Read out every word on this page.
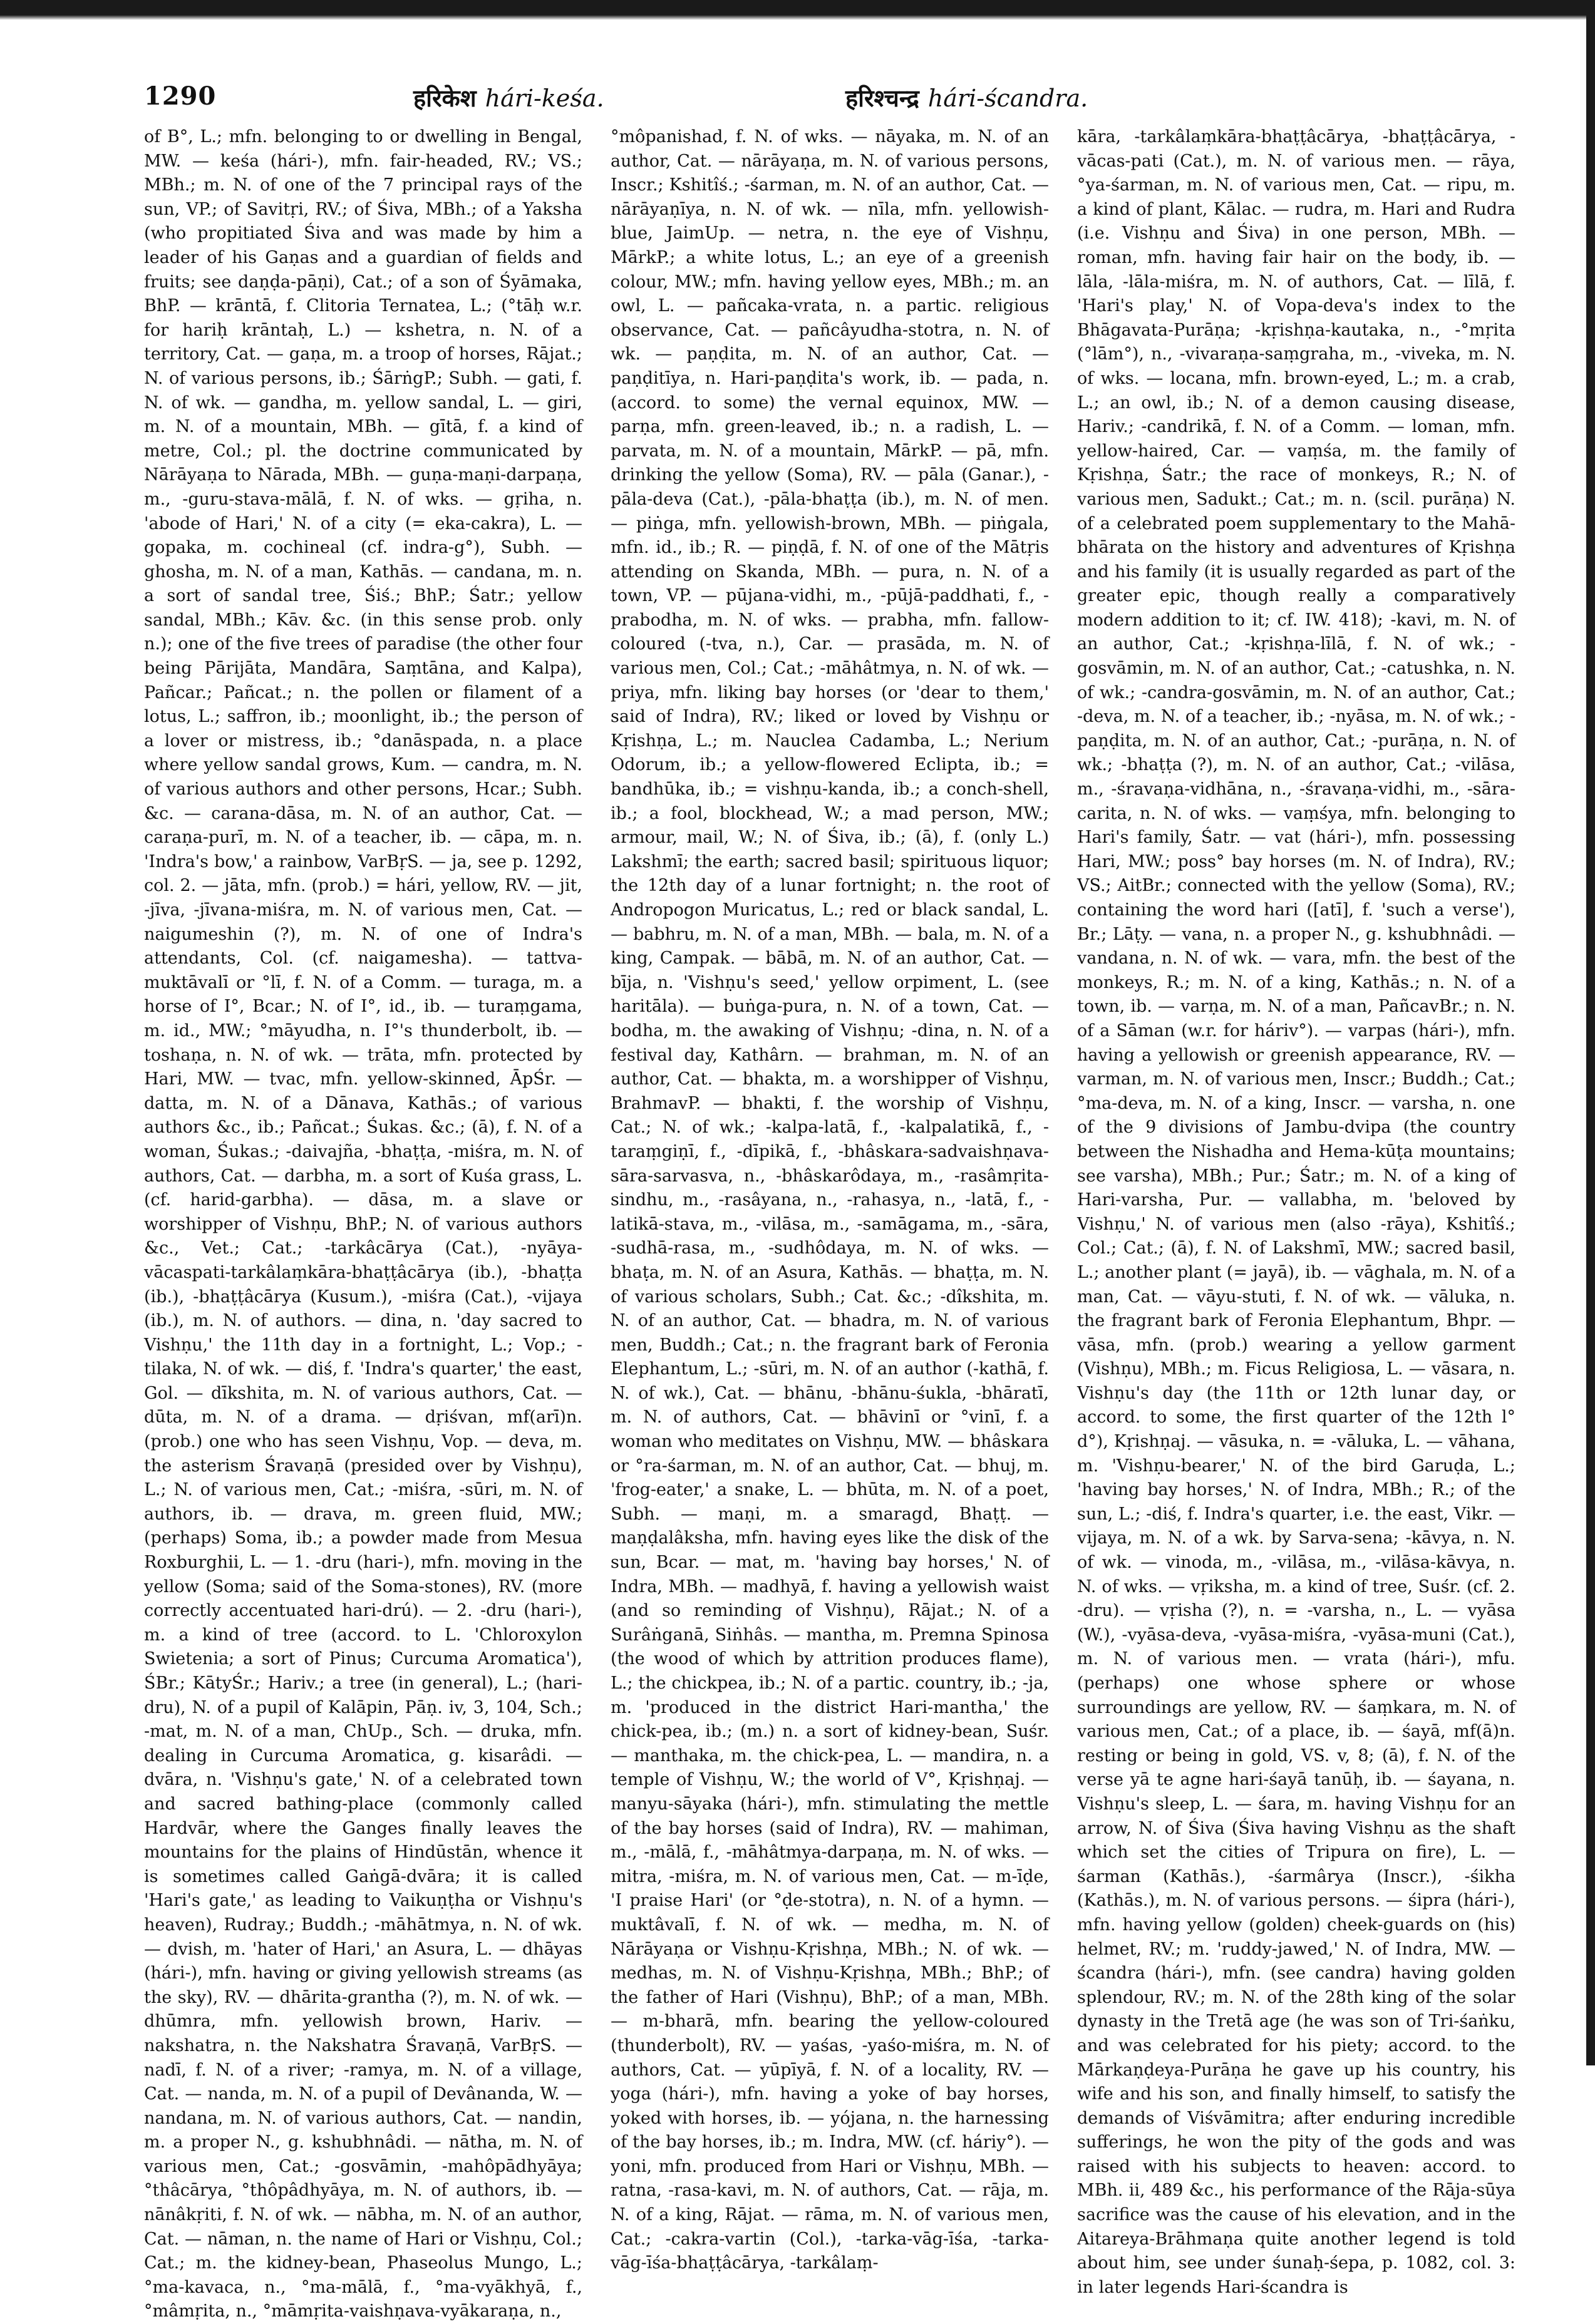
1290	हरिकेश hári-keśa.	हरिश्चन्द्र hári-ścandra.

of B°, L.; mfn. belonging to or dwelling in Bengal, MW. — keśa (hári-), mfn. fair-headed, RV.; VS.; MBh.; m. N. of one of the 7 principal rays of the sun, VP.; of Savitṛi, RV.; of Śiva, MBh.; of a Yaksha (who propitiated Śiva and was made by him a leader of his Gaṇas and a guardian of fields and fruits; see daṇḍa-pāṇi), Cat.; of a son of Śyāmaka, BhP. — krāntā, f. Clitoria Ternatea, L.; (°tāḥ w.r. for hariḥ krāntaḥ, L.) — kshetra, n. N. of a territory, Cat. — gaṇa, m. a troop of horses, Rājat.; N. of various persons, ib.; ŚārṅgP.; Subh. — gati, f. N. of wk. — gandha, m. yellow sandal, L. — giri, m. N. of a mountain, MBh. — gītā, f. a kind of metre, Col.; pl. the doctrine communicated by Nārāyaṇa to Nārada, MBh. — guṇa-maṇi-darpaṇa, m., -guru-stava-mālā, f. N. of wks. — gṛiha, n. 'abode of Hari,' N. of a city (= eka-cakra), L. — gopaka, m. cochineal (cf. indra-g°), Subh. — ghosha, m. N. of a man, Kathās. — candana, m. n. a sort of sandal tree, Śiś.; BhP.; Śatr.; yellow sandal, MBh.; Kāv. &c. (in this sense prob. only n.); one of the five trees of paradise (the other four being Pārijāta, Mandāra, Saṃtāna, and Kalpa), Pañcar.; Pañcat.; n. the pollen or filament of a lotus, L.; saffron, ib.; moonlight, ib.; the person of a lover or mistress, ib.; °danāspada, n. a place where yellow sandal grows, Kum. — candra, m. N. of various authors and other persons, Hcar.; Subh. &c. — carana-dāsa, m. N. of an author, Cat. — caraṇa-purī, m. N. of a teacher, ib. — cāpa, m. n. 'Indra's bow,' a rainbow, VarBṛS. — ja, see p. 1292, col. 2. — jāta, mfn. (prob.) = hári, yellow, RV. — jit, -jīva, -jīvana-miśra, m. N. of various men, Cat. — naigumeshin (?), m. N. of one of Indra's attendants, Col. (cf. naigamesha). — tattva-muktāvalī or °lī, f. N. of a Comm. — turaga, m. a horse of I°, Bcar.; N. of I°, id., ib. — turaṃgama, m. id., MW.; °māyudha, n. I°'s thunderbolt, ib. — toshaṇa, n. N. of wk. — trāta, mfn. protected by Hari, MW. — tvac, mfn. yellow-skinned, ĀpŚr. — datta, m. N. of a Dānava, Kathās.; of various authors &c., ib.; Pañcat.; Śukas. &c.; (ā), f. N. of a woman, Śukas.; -daivajña, -bhaṭṭa, -miśra, m. N. of authors, Cat. — darbha, m. a sort of Kuśa grass, L. (cf. harid-garbha). — dāsa, m. a slave or worshipper of Vishṇu, BhP.; N. of various authors &c., Vet.; Cat.; -tarkâcārya (Cat.), -nyāya-vācaspati-tarkâlaṃkāra-bhaṭṭâcārya (ib.), -bhaṭṭa (ib.), -bhaṭṭâcārya (Kusum.), -miśra (Cat.), -vijaya (ib.), m. N. of authors. — dina, n. 'day sacred to Vishṇu,' the 11th day in a fortnight, L.; Vop.; -tilaka, N. of wk. — diś, f. 'Indra's quarter,' the east, Gol. — dīkshita, m. N. of various authors, Cat. — dūta, m. N. of a drama. — dṛiśvan, mf(arī)n. (prob.) one who has seen Vishṇu, Vop. — deva, m. the asterism Śravaṇā (presided over by Vishṇu), L.; N. of various men, Cat.; -miśra, -sūri, m. N. of authors, ib. — drava, m. green fluid, MW.; (perhaps) Soma, ib.; a powder made from Mesua Roxburghii, L. — 1. -dru (hari-), mfn. moving in the yellow (Soma; said of the Soma-stones), RV. (more correctly accentuated hari-drú). — 2. -dru (hari-), m. a kind of tree (accord. to L. 'Chloroxylon Swietenia; a sort of Pinus; Curcuma Aromatica'), ŚBr.; KātyŚr.; Hariv.; a tree (in general), L.; (hari-dru), N. of a pupil of Kalāpin, Pāṇ. iv, 3, 104, Sch.; -mat, m. N. of a man, ChUp., Sch. — druka, mfn. dealing in Curcuma Aromatica, g. kisarâdi. — dvāra, n. 'Vishṇu's gate,' N. of a celebrated town and sacred bathing-place (commonly called Hardvār, where the Ganges finally leaves the mountains for the plains of Hindūstān, whence it is sometimes called Gaṅgā-dvāra; it is called 'Hari's gate,' as leading to Vaikuṇṭha or Vishṇu's heaven), Rudray.; Buddh.; -māhātmya, n. N. of wk. — dvish, m. 'hater of Hari,' an Asura, L. — dhāyas (hári-), mfn. having or giving yellowish streams (as the sky), RV. — dhārita-grantha (?), m. N. of wk. — dhūmra, mfn. yellowish brown, Hariv. — nakshatra, n. the Nakshatra Śravaṇā, VarBṛS. — nadī, f. N. of a river; -ramya, m. N. of a village, Cat. — nanda, m. N. of a pupil of Devânanda, W. — nandana, m. N. of various authors, Cat. — nandin, m. a proper N., g. kshubhnâdi. — nātha, m. N. of various men, Cat.; -gosvāmin, -mahôpādhyāya; °thâcārya, °thôpâdhyāya, m. N. of authors, ib. — nānâkṛiti, f. N. of wk. — nābha, m. N. of an author, Cat. — nāman, n. the name of Hari or Vishṇu, Col.; Cat.; m. the kidney-bean, Phaseolus Mungo, L.; °ma-kavaca, n., °ma-mālā, f., °ma-vyākhyā, f., °mâmṛita, n., °māmṛita-vaishṇava-vyākaraṇa, n.,

°môpanishad, f. N. of wks. — nāyaka, m. N. of an author, Cat. — nārāyaṇa, m. N. of various persons, Inscr.; Kshitîś.; -śarman, m. N. of an author, Cat. — nārāyaṇīya, n. N. of wk. — nīla, mfn. yellowish-blue, JaimUp. — netra, n. the eye of Vishṇu, MārkP.; a white lotus, L.; an eye of a greenish colour, MW.; mfn. having yellow eyes, MBh.; m. an owl, L. — pañcaka-vrata, n. a partic. religious observance, Cat. — pañcâyudha-stotra, n. N. of wk. — paṇḍita, m. N. of an author, Cat. — paṇḍitīya, n. Hari-paṇḍita's work, ib. — pada, n. (accord. to some) the vernal equinox, MW. — parṇa, mfn. green-leaved, ib.; n. a radish, L. — parvata, m. N. of a mountain, MārkP. — pā, mfn. drinking the yellow (Soma), RV. — pāla (Ganar.), -pāla-deva (Cat.), -pāla-bhaṭṭa (ib.), m. N. of men. — piṅga, mfn. yellowish-brown, MBh. — piṅgala, mfn. id., ib.; R. — piṇḍā, f. N. of one of the Mātṛis attending on Skanda, MBh. — pura, n. N. of a town, VP. — pūjana-vidhi, m., -pūjā-paddhati, f., -prabodha, m. N. of wks. — prabha, mfn. fallow-coloured (-tva, n.), Car. — prasāda, m. N. of various men, Col.; Cat.; -māhâtmya, n. N. of wk. — priya, mfn. liking bay horses (or 'dear to them,' said of Indra), RV.; liked or loved by Vishṇu or Kṛishṇa, L.; m. Nauclea Cadamba, L.; Nerium Odorum, ib.; a yellow-flowered Eclipta, ib.; = bandhūka, ib.; = vishṇu-kanda, ib.; a conch-shell, ib.; a fool, blockhead, W.; a mad person, MW.; armour, mail, W.; N. of Śiva, ib.; (ā), f. (only L.) Lakshmī; the earth; sacred basil; spirituous liquor; the 12th day of a lunar fortnight; n. the root of Andropogon Muricatus, L.; red or black sandal, L. — babhru, m. N. of a man, MBh. — bala, m. N. of a king, Campak. — bābā, m. N. of an author, Cat. — bīja, n. 'Vishṇu's seed,' yellow orpiment, L. (see haritāla). — buṅga-pura, n. N. of a town, Cat. — bodha, m. the awaking of Vishṇu; -dina, n. N. of a festival day, Kathârn. — brahman, m. N. of an author, Cat. — bhakta, m. a worshipper of Vishṇu, BrahmavP. — bhakti, f. the worship of Vishṇu, Cat.; N. of wk.; -kalpa-latā, f., -kalpalatikā, f., -taraṃgiṇī, f., -dīpikā, f., -bhâskara-sadvaishṇava-sāra-sarvasva, n., -bhâskarôdaya, m., -rasâmṛita-sindhu, m., -rasâyana, n., -rahasya, n., -latā, f., -latikā-stava, m., -vilāsa, m., -samāgama, m., -sāra, -sudhā-rasa, m., -sudhôdaya, m. N. of wks. — bhaṭa, m. N. of an Asura, Kathās. — bhaṭṭa, m. N. of various scholars, Subh.; Cat. &c.; -dîkshita, m. N. of an author, Cat. — bhadra, m. N. of various men, Buddh.; Cat.; n. the fragrant bark of Feronia Elephantum, L.; -sūri, m. N. of an author (-kathā, f. N. of wk.), Cat. — bhānu, -bhānu-śukla, -bhāratī, m. N. of authors, Cat. — bhāvinī or °vinī, f. a woman who meditates on Vishṇu, MW. — bhâskara or °ra-śarman, m. N. of an author, Cat. — bhuj, m. 'frog-eater,' a snake, L. — bhūta, m. N. of a poet, Subh. — maṇi, m. a smaragd, Bhaṭṭ. — maṇḍalâksha, mfn. having eyes like the disk of the sun, Bcar. — mat, m. 'having bay horses,' N. of Indra, MBh. — madhyā, f. having a yellowish waist (and so reminding of Vishṇu), Rājat.; N. of a Surâṅganā, Siṅhâs. — mantha, m. Premna Spinosa (the wood of which by attrition produces flame), L.; the chickpea, ib.; N. of a partic. country, ib.; -ja, m. 'produced in the district Hari-mantha,' the chick-pea, ib.; (m.) n. a sort of kidney-bean, Suśr. — manthaka, m. the chick-pea, L. — mandira, n. a temple of Vishṇu, W.; the world of V°, Kṛishṇaj. — manyu-sāyaka (hári-), mfn. stimulating the mettle of the bay horses (said of Indra), RV. — mahiman, m., -mālā, f., -māhâtmya-darpaṇa, m. N. of wks. — mitra, -miśra, m. N. of various men, Cat. — m-īḍe, 'I praise Hari' (or °ḍe-stotra), n. N. of a hymn. — muktâvalī, f. N. of wk. — medha, m. N. of Nārāyaṇa or Vishṇu-Kṛishṇa, MBh.; N. of wk. — medhas, m. N. of Vishṇu-Kṛishṇa, MBh.; BhP.; of the father of Hari (Vishṇu), BhP.; of a man, MBh. — m-bharā, mfn. bearing the yellow-coloured (thunderbolt), RV. — yaśas, -yaśo-miśra, m. N. of authors, Cat. — yūpīyā, f. N. of a locality, RV. — yoga (hári-), mfn. having a yoke of bay horses, yoked with horses, ib. — yójana, n. the harnessing of the bay horses, ib.; m. Indra, MW. (cf. háriy°). — yoni, mfn. produced from Hari or Vishṇu, MBh. — ratna, -rasa-kavi, m. N. of authors, Cat. — rāja, m. N. of a king, Rājat. — rāma, m. N. of various men, Cat.; -cakra-vartin (Col.), -tarka-vāg-īśa, -tarka-vāg-īśa-bhaṭṭâcārya, -tarkâlaṃ-

kāra, -tarkâlaṃkāra-bhaṭṭâcārya, -bhaṭṭâcārya, -vācas-pati (Cat.), m. N. of various men. — rāya, °ya-śarman, m. N. of various men, Cat. — ripu, m. a kind of plant, Kālac. — rudra, m. Hari and Rudra (i.e. Vishṇu and Śiva) in one person, MBh. — roman, mfn. having fair hair on the body, ib. — lāla, -lāla-miśra, m. N. of authors, Cat. — līlā, f. 'Hari's play,' N. of Vopa-deva's index to the Bhāgavata-Purāṇa; -kṛishṇa-kautaka, n., -°mṛita (°lām°), n., -vivaraṇa-saṃgraha, m., -viveka, m. N. of wks. — locana, mfn. brown-eyed, L.; m. a crab, L.; an owl, ib.; N. of a demon causing disease, Hariv.; -candrikā, f. N. of a Comm. — loman, mfn. yellow-haired, Car. — vaṃśa, m. the family of Kṛishṇa, Śatr.; the race of monkeys, R.; N. of various men, Sadukt.; Cat.; m. n. (scil. purāṇa) N. of a celebrated poem supplementary to the Mahā-bhārata on the history and adventures of Kṛishṇa and his family (it is usually regarded as part of the greater epic, though really a comparatively modern addition to it; cf. IW. 418); -kavi, m. N. of an author, Cat.; -kṛishṇa-līlā, f. N. of wk.; -gosvāmin, m. N. of an author, Cat.; -catushka, n. N. of wk.; -candra-gosvāmin, m. N. of an author, Cat.; -deva, m. N. of a teacher, ib.; -nyāsa, m. N. of wk.; -paṇḍita, m. N. of an author, Cat.; -purāṇa, n. N. of wk.; -bhaṭṭa (?), m. N. of an author, Cat.; -vilāsa, m., -śravaṇa-vidhāna, n., -śravaṇa-vidhi, m., -sāra-carita, n. N. of wks. — vaṃśya, mfn. belonging to Hari's family, Śatr. — vat (hári-), mfn. possessing Hari, MW.; poss° bay horses (m. N. of Indra), RV.; VS.; AitBr.; connected with the yellow (Soma), RV.; containing the word hari ([atī], f. 'such a verse'), Br.; Lāṭy. — vana, n. a proper N., g. kshubhnâdi. — vandana, n. N. of wk. — vara, mfn. the best of the monkeys, R.; m. N. of a king, Kathās.; n. N. of a town, ib. — varṇa, m. N. of a man, PañcavBr.; n. N. of a Sāman (w.r. for háriv°). — varpas (hári-), mfn. having a yellowish or greenish appearance, RV. — varman, m. N. of various men, Inscr.; Buddh.; Cat.; °ma-deva, m. N. of a king, Inscr. — varsha, n. one of the 9 divisions of Jambu-dvipa (the country between the Nishadha and Hema-kūṭa mountains; see varsha), MBh.; Pur.; Śatr.; m. N. of a king of Hari-varsha, Pur. — vallabha, m. 'beloved by Vishṇu,' N. of various men (also -rāya), Kshitîś.; Col.; Cat.; (ā), f. N. of Lakshmī, MW.; sacred basil, L.; another plant (= jayā), ib. — vāghala, m. N. of a man, Cat. — vāyu-stuti, f. N. of wk. — vāluka, n. the fragrant bark of Feronia Elephantum, Bhpr. — vāsa, mfn. (prob.) wearing a yellow garment (Vishṇu), MBh.; m. Ficus Religiosa, L. — vāsara, n. Vishṇu's day (the 11th or 12th lunar day, or accord. to some, the first quarter of the 12th l° d°), Kṛishṇaj. — vāsuka, n. = -vāluka, L. — vāhana, m. 'Vishṇu-bearer,' N. of the bird Garuḍa, L.; 'having bay horses,' N. of Indra, MBh.; R.; of the sun, L.; -diś, f. Indra's quarter, i.e. the east, Vikr. — vijaya, m. N. of a wk. by Sarva-sena; -kāvya, n. N. of wk. — vinoda, m., -vilāsa, m., -vilāsa-kāvya, n. N. of wks. — vṛiksha, m. a kind of tree, Suśr. (cf. 2. -dru). — vṛisha (?), n. = -varsha, n., L. — vyāsa (W.), -vyāsa-deva, -vyāsa-miśra, -vyāsa-muni (Cat.), m. N. of various men. — vrata (hári-), mfu. (perhaps) one whose sphere or whose surroundings are yellow, RV. — śaṃkara, m. N. of various men, Cat.; of a place, ib. — śayā, mf(ā)n. resting or being in gold, VS. v, 8; (ā), f. N. of the verse yā te agne hari-śayā tanūḥ, ib. — śayana, n. Vishṇu's sleep, L. — śara, m. having Vishṇu for an arrow, N. of Śiva (Śiva having Vishṇu as the shaft which set the cities of Tripura on fire), L. — śarman (Kathās.), -śarmârya (Inscr.), -śikha (Kathās.), m. N. of various persons. — śipra (hári-), mfn. having yellow (golden) cheek-guards on (his) helmet, RV.; m. 'ruddy-jawed,' N. of Indra, MW. — ścandra (hári-), mfn. (see candra) having golden splendour, RV.; m. N. of the 28th king of the solar dynasty in the Tretā age (he was son of Tri-śaṅku, and was celebrated for his piety; accord. to the Mārkaṇḍeya-Purāṇa he gave up his country, his wife and his son, and finally himself, to satisfy the demands of Viśvāmitra; after enduring incredible sufferings, he won the pity of the gods and was raised with his subjects to heaven: accord. to MBh. ii, 489 &c., his performance of the Rāja-sūya sacrifice was the cause of his elevation, and in the Aitareya-Brāhmaṇa quite another legend is told about him, see under śunaḥ-śepa, p. 1082, col. 3: in later legends Hari-ścandra is
